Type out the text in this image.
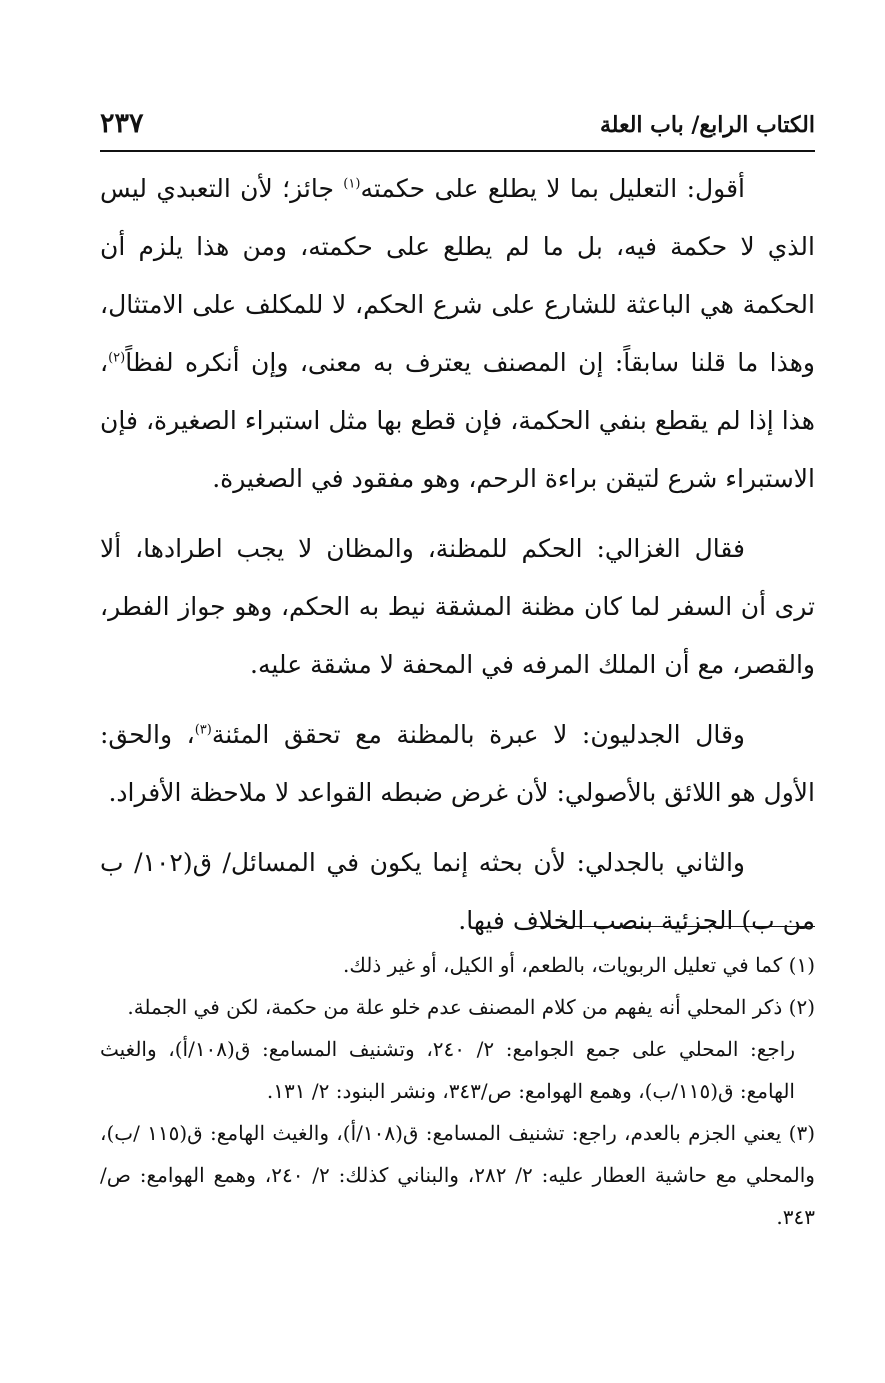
الكتاب الرابع/ باب العلة
٢٣٧

أقول: التعليل بما لا يطلع على حكمته$^{(١)}$ جائز؛ لأن التعبدي ليس الذي لا حكمة فيه، بل ما لم يطلع على حكمته، ومن هذا يلزم أن الحكمة هي الباعثة للشارع على شرع الحكم، لا للمكلف على الامتثال، وهذا ما قلنا سابقاً: إن المصنف يعترف به معنى، وإن أنكره لفظاً$^{(٢)}$، هذا إذا لم يقطع بنفي الحكمة، فإن قطع بها مثل استبراء الصغيرة، فإن الاستبراء شرع لتيقن براءة الرحم، وهو مفقود في الصغيرة.

فقال الغزالي: الحكم للمظنة، والمظان لا يجب اطرادها، ألا ترى أن السفر لما كان مظنة المشقة نيط به الحكم، وهو جواز الفطر، والقصر، مع أن الملك المرفه في المحفة لا مشقة عليه.

وقال الجدليون: لا عبرة بالمظنة مع تحقق المئنة$^{(٣)}$، والحق: الأول هو اللائق بالأصولي: لأن غرض ضبطه القواعد لا ملاحظة الأفراد.

والثاني بالجدلي: لأن بحثه إنما يكون في المسائل/ ق(١٠٢/ ب من ب) الجزئية بنصب الخلاف فيها.

(١) كما في تعليل الربويات، بالطعم، أو الكيل، أو غير ذلك.

(٢) ذكر المحلي أنه يفهم من كلام المصنف عدم خلو علة من حكمة، لكن في الجملة.

راجع: المحلي على جمع الجوامع: ٢/ ٢٤٠، وتشنيف المسامع: ق(١٠٨/أ)، والغيث الهامع: ق(١١٥/ب)، وهمع الهوامع: ص/٣٤٣، ونشر البنود: ٢/ ١٣١.

(٣) يعني الجزم بالعدم، راجع: تشنيف المسامع: ق(١٠٨/أ)، والغيث الهامع: ق(١١٥ /ب)، والمحلي مع حاشية العطار عليه: ٢/ ٢٨٢، والبناني كذلك: ٢/ ٢٤٠، وهمع الهوامع: ص/٣٤٣.
